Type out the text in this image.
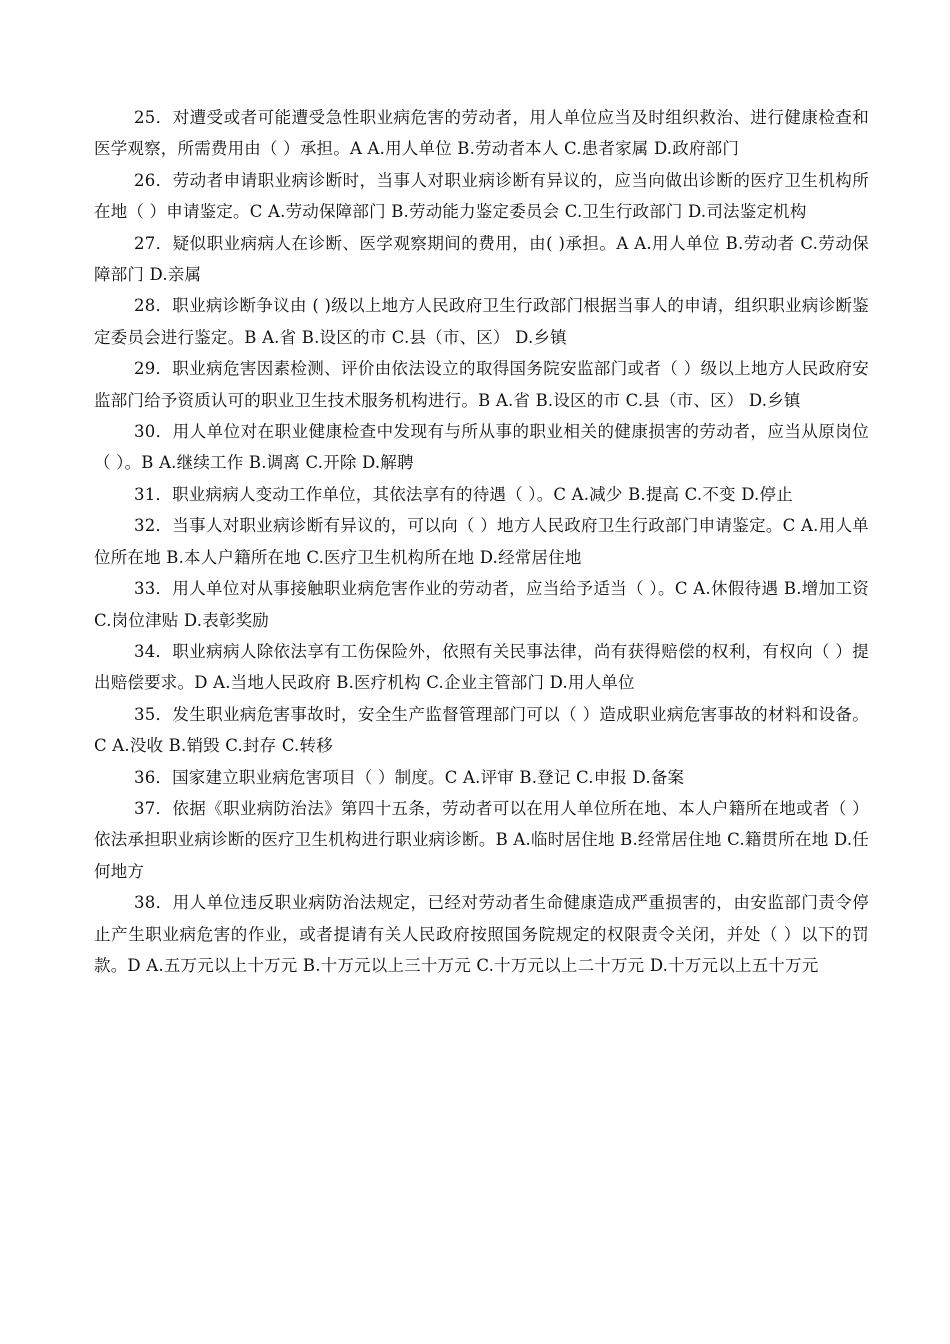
25．对遭受或者可能遭受急性职业病危害的劳动者，用人单位应当及时组织救治、进行健康检查和医学观察，所需费用由（ ）承担。A A.用人单位 B.劳动者本人 C.患者家属 D.政府部门

26．劳动者申请职业病诊断时，当事人对职业病诊断有异议的，应当向做出诊断的医疗卫生机构所在地（ ）申请鉴定。C A.劳动保障部门 B.劳动能力鉴定委员会 C.卫生行政部门 D.司法鉴定机构

27．疑似职业病病人在诊断、医学观察期间的费用，由( )承担。A A.用人单位 B.劳动者 C.劳动保障部门 D.亲属

28．职业病诊断争议由 ( )级以上地方人民政府卫生行政部门根据当事人的申请，组织职业病诊断鉴定委员会进行鉴定。B A.省 B.设区的市 C.县（市、区） D.乡镇

29．职业病危害因素检测、评价由依法设立的取得国务院安监部门或者（ ）级以上地方人民政府安监部门给予资质认可的职业卫生技术服务机构进行。B A.省 B.设区的市 C.县（市、区） D.乡镇

30．用人单位对在职业健康检查中发现有与所从事的职业相关的健康损害的劳动者，应当从原岗位（ ）。B A.继续工作 B.调离 C.开除 D.解聘

31．职业病病人变动工作单位，其依法享有的待遇（ ）。C A.减少 B.提高 C.不变 D.停止

32．当事人对职业病诊断有异议的，可以向（ ）地方人民政府卫生行政部门申请鉴定。C A.用人单位所在地 B.本人户籍所在地 C.医疗卫生机构所在地 D.经常居住地

33．用人单位对从事接触职业病危害作业的劳动者，应当给予适当（ ）。C A.休假待遇 B.增加工资 C.岗位津贴 D.表彰奖励

34．职业病病人除依法享有工伤保险外，依照有关民事法律，尚有获得赔偿的权利，有权向（ ）提出赔偿要求。D A.当地人民政府 B.医疗机构 C.企业主管部门 D.用人单位

35．发生职业病危害事故时，安全生产监督管理部门可以（ ）造成职业病危害事故的材料和设备。C A.没收 B.销毁 C.封存 C.转移

36．国家建立职业病危害项目（ ）制度。C A.评审 B.登记 C.申报 D.备案

37．依据《职业病防治法》第四十五条，劳动者可以在用人单位所在地、本人户籍所在地或者（ ）依法承担职业病诊断的医疗卫生机构进行职业病诊断。B A.临时居住地 B.经常居住地 C.籍贯所在地 D.任何地方

38．用人单位违反职业病防治法规定，已经对劳动者生命健康造成严重损害的，由安监部门责令停止产生职业病危害的作业，或者提请有关人民政府按照国务院规定的权限责令关闭，并处（ ）以下的罚款。D A.五万元以上十万元 B.十万元以上三十万元 C.十万元以上二十万元 D.十万元以上五十万元
